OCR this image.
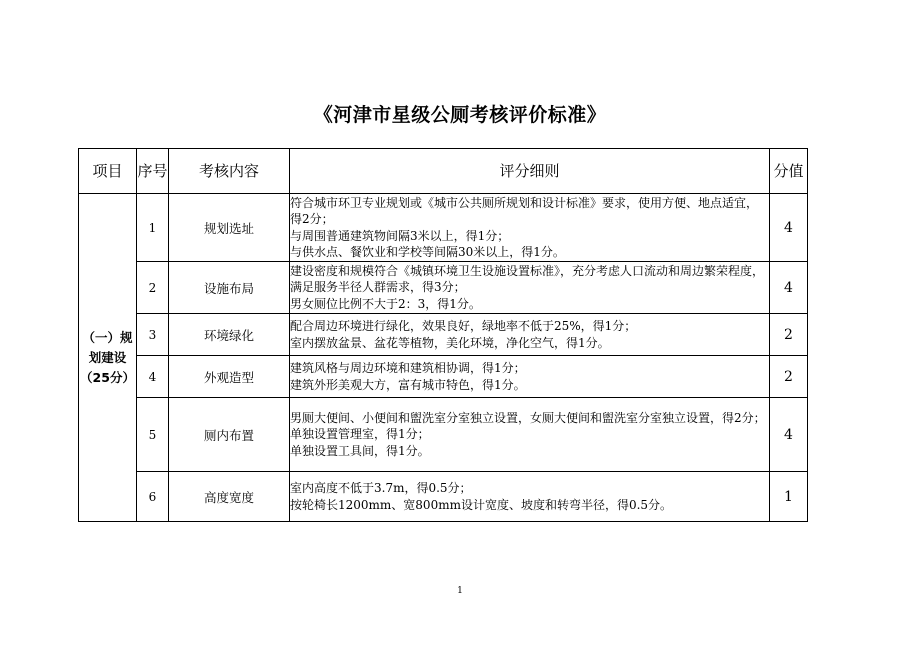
《河津市星级公厕考核评价标准》
项目	序号	考核内容	评分细则	分值
（一）规划建设（25分）	1	规划选址	符合城市环卫专业规划或《城市公共厕所规划和设计标准》要求，使用方便、地点适宜，得2分；
与周围普通建筑物间隔3米以上，得1分；
与供水点、餐饮业和学校等间隔30米以上，得1分。	4
	2	设施布局	建设密度和规模符合《城镇环境卫生设施设置标准》，充分考虑人口流动和周边繁荣程度，满足服务半径人群需求，得3分；
男女厕位比例不大于2：3，得1分。	4
	3	环境绿化	配合周边环境进行绿化，效果良好，绿地率不低于25%，得1分；
室内摆放盆景、盆花等植物，美化环境，净化空气，得1分。	2
	4	外观造型	建筑风格与周边环境和建筑相协调，得1分；
建筑外形美观大方，富有城市特色，得1分。	2
	5	厕内布置	男厕大便间、小便间和盥洗室分室独立设置，女厕大便间和盥洗室分室独立设置，得2分；
单独设置管理室，得1分；
单独设置工具间，得1分。	4
	6	高度宽度	室内高度不低于3.7m，得0.5分；
按轮椅长1200mm、宽800mm设计宽度、坡度和转弯半径，得0.5分。	1
1
